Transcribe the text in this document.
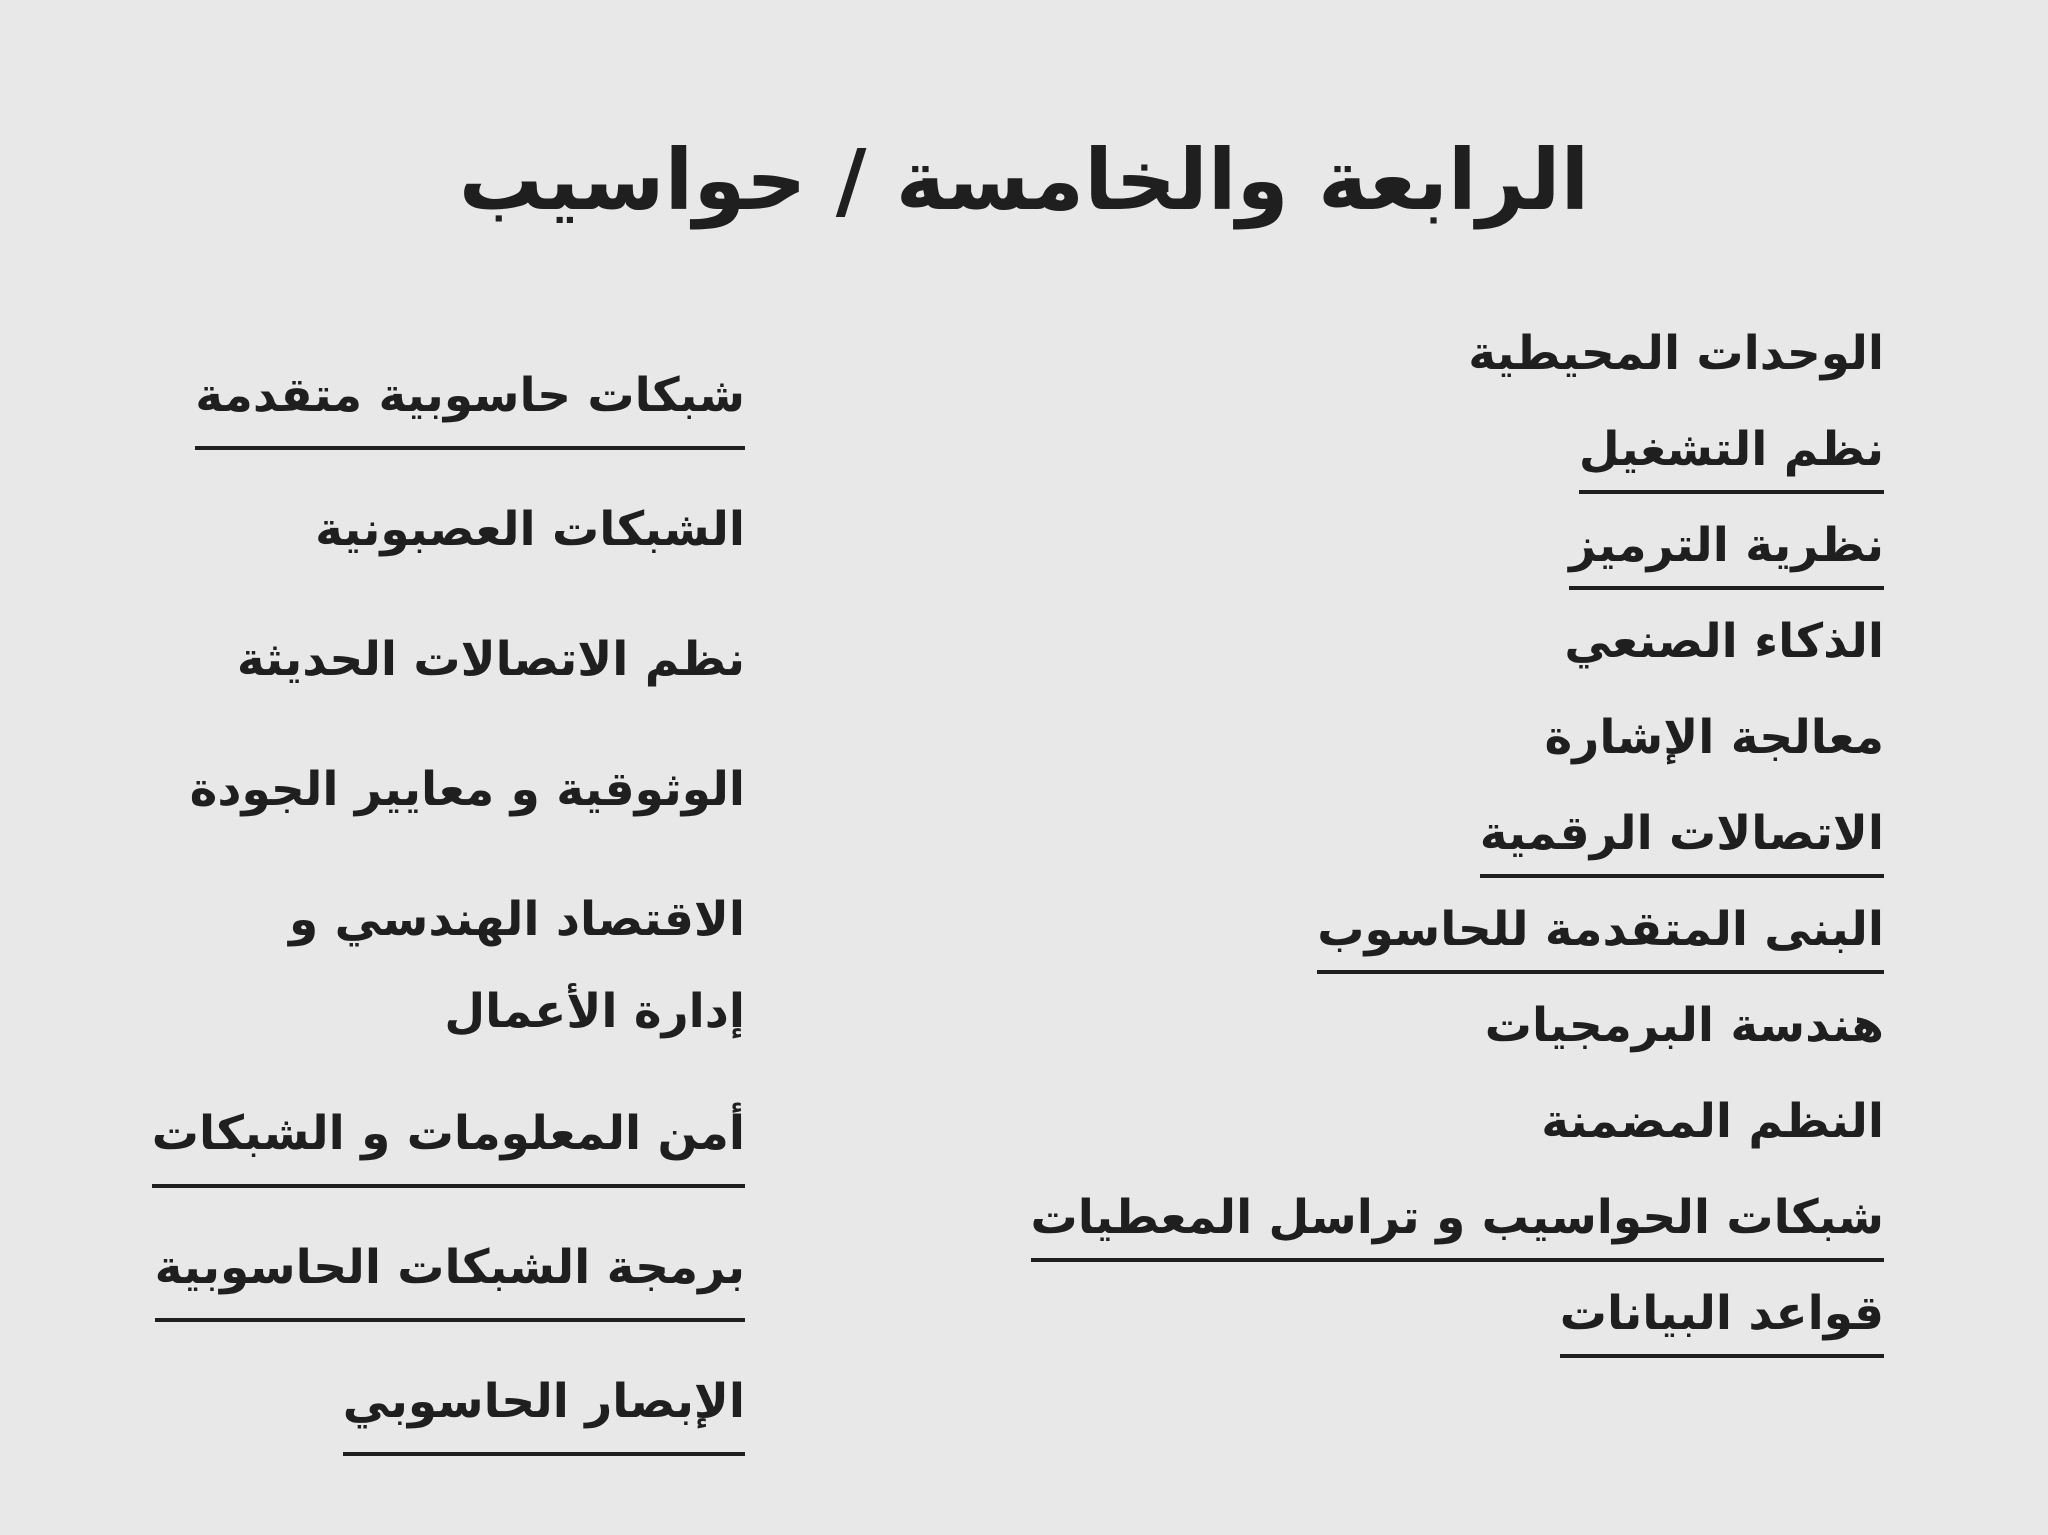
الرابعة والخامسة / حواسيب
الوحدات المحيطية
نظم التشغيل
نظرية الترميز
الذكاء الصنعي
معالجة الإشارة
الاتصالات الرقمية
البنى المتقدمة للحاسوب
هندسة البرمجيات
النظم المضمنة
شبكات الحواسيب و تراسل المعطيات
قواعد البيانات
شبكات حاسوبية متقدمة
الشبكات العصبونية
نظم الاتصالات الحديثة
الوثوقية و معايير الجودة
الاقتصاد الهندسي و إدارة الأعمال
أمن المعلومات و الشبكات
برمجة الشبكات الحاسوبية
الإبصار الحاسوبي
